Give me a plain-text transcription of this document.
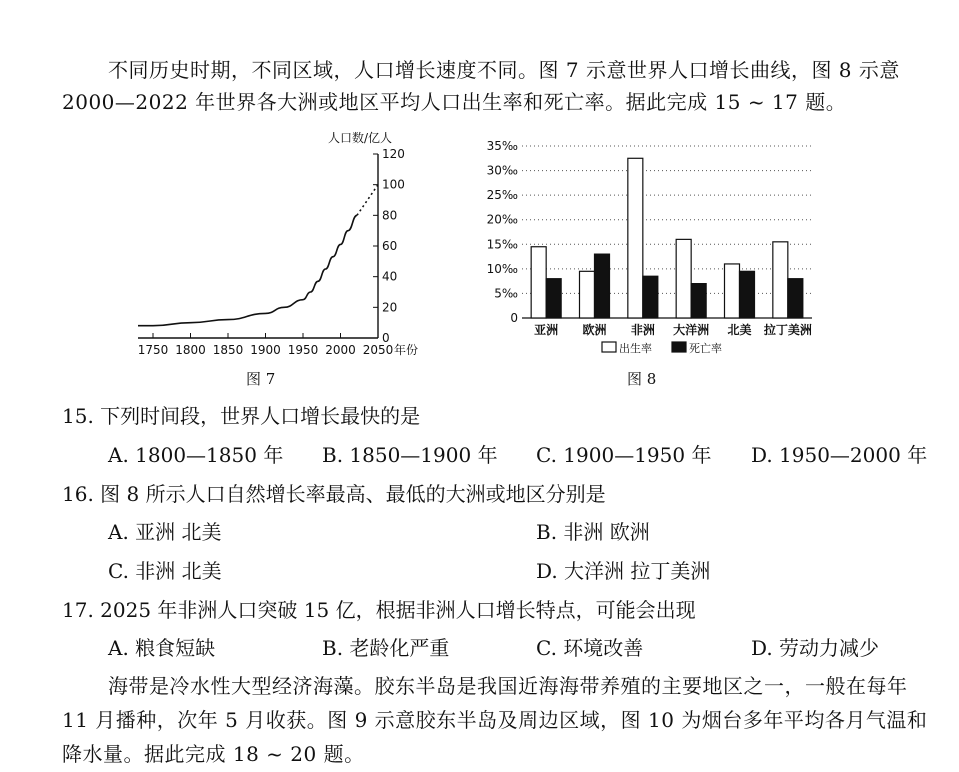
不同历史时期，不同区域，人口增长速度不同。图 7 示意世界人口增长曲线，图 8 示意
2000—2022 年世界各大洲或地区平均人口出生率和死亡率。据此完成 15 ~ 17 题。
人口数/亿人
0
20
40
60
80
100
120
1750 1800 1850 1900 1950 2000 2050 年份
图 7
0
5‰
10‰
15‰
20‰
25‰
30‰
35‰
亚洲 欧洲 非洲 大洋洲 北美 拉丁美洲
出生率	死亡率
图 8
15. 下列时间段，世界人口增长最快的是
A. 1800—1850 年 B. 1850—1900 年 C. 1900—1950 年 D. 1950—2000 年
16. 图 8 所示人口自然增长率最高、最低的大洲或地区分别是
A. 亚洲 北美	B. 非洲 欧洲
C. 非洲 北美	D. 大洋洲 拉丁美洲
17. 2025 年非洲人口突破 15 亿，根据非洲人口增长特点，可能会出现
A. 粮食短缺	B. 老龄化严重	C. 环境改善	D. 劳动力减少
海带是冷水性大型经济海藻。胶东半岛是我国近海海带养殖的主要地区之一，一般在每年
11 月播种，次年 5 月收获。图 9 示意胶东半岛及周边区域，图 10 为烟台多年平均各月气温和
降水量。据此完成 18 ~ 20 题。
